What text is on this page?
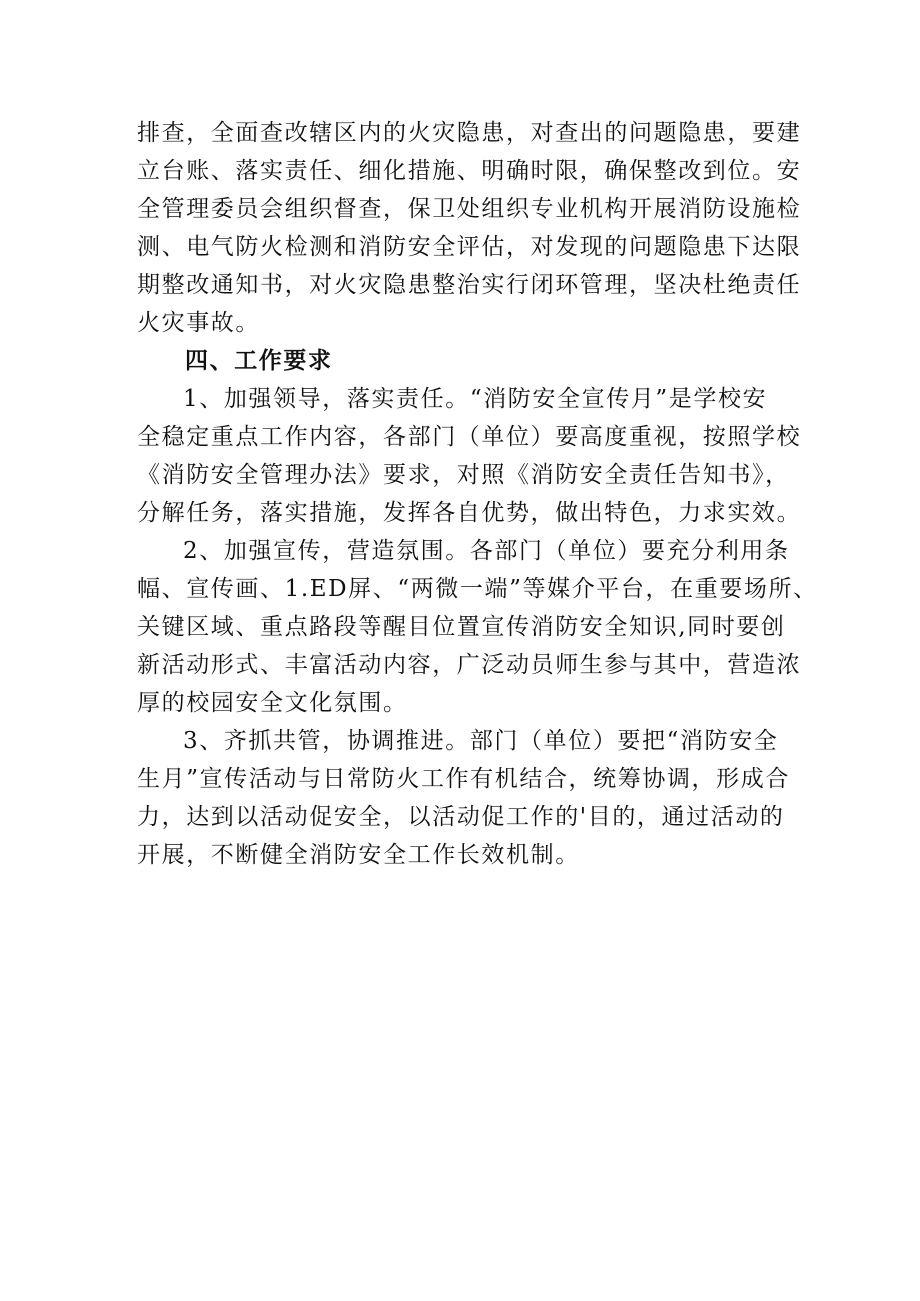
排查，全面查改辖区内的火灾隐患，对查出的问题隐患，要建
立台账、落实责任、细化措施、明确时限，确保整改到位。安
全管理委员会组织督查，保卫处组织专业机构开展消防设施检
测、电气防火检测和消防安全评估，对发现的问题隐患下达限
期整改通知书，对火灾隐患整治实行闭环管理，坚决杜绝责任
火灾事故。
四、工作要求
1、加强领导，落实责任。“消防安全宣传月”是学校安
全稳定重点工作内容，各部门（单位）要高度重视，按照学校
《消防安全管理办法》要求，对照《消防安全责任告知书》，
分解任务，落实措施，发挥各自优势，做出特色，力求实效。
2、加强宣传，营造氛围。各部门（单位）要充分利用条
幅、宣传画、1.ED屏、“两微一端”等媒介平台，在重要场所、
关键区域、重点路段等醒目位置宣传消防安全知识,同时要创
新活动形式、丰富活动内容，广泛动员师生参与其中，营造浓
厚的校园安全文化氛围。
3、齐抓共管，协调推进。部门（单位）要把“消防安全
生月”宣传活动与日常防火工作有机结合，统筹协调，形成合
力，达到以活动促安全，以活动促工作的'目的，通过活动的
开展，不断健全消防安全工作长效机制。
